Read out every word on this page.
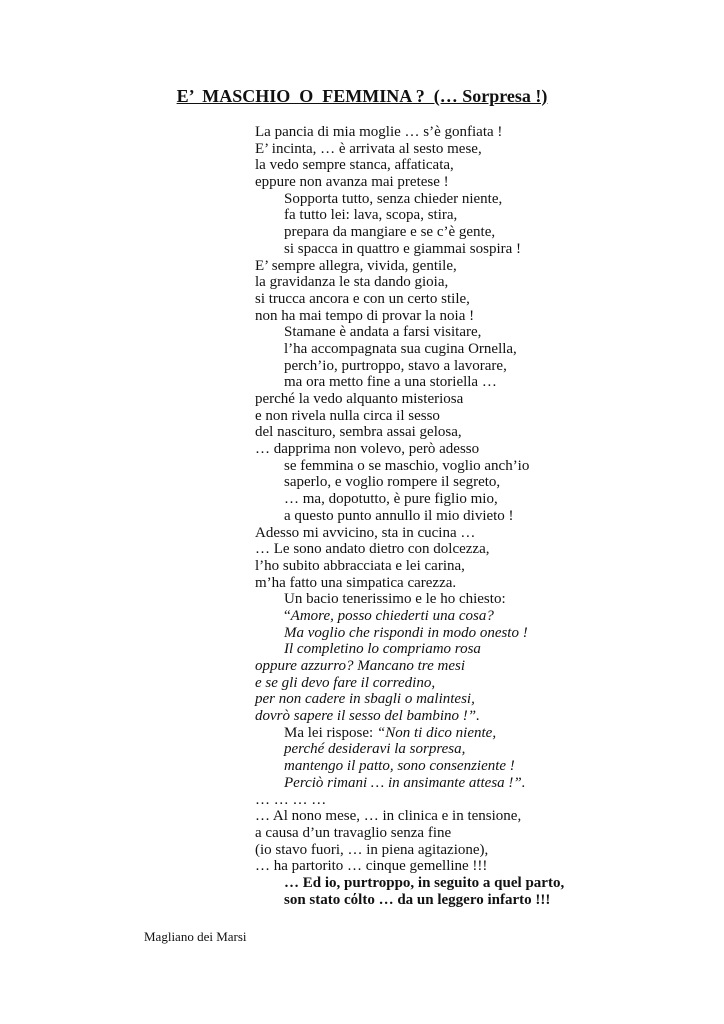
E’  MASCHIO  O  FEMMINA ?  (… Sorpresa !)
La pancia di mia moglie … s’è gonfiata !
E’ incinta, … è arrivata al sesto mese,
la vedo sempre stanca, affaticata,
eppure non avanza mai pretese !
Sopporta tutto, senza chieder niente,
fa tutto lei: lava, scopa, stira,
prepara da mangiare e se c’è gente,
si spacca in quattro e giammai sospira !
E’ sempre allegra, vivida, gentile,
la gravidanza le sta dando gioia,
si trucca ancora e con un certo stile,
non ha mai tempo di provar la noia !
Stamane è andata a farsi visitare,
l’ha accompagnata sua cugina Ornella,
perch’io, purtroppo, stavo a lavorare,
ma ora metto fine a una storiella …
perché la vedo alquanto misteriosa
e non rivela nulla circa il sesso
del nascituro, sembra assai gelosa,
… dapprima non volevo, però adesso
se femmina o se maschio, voglio anch’io
saperlo, e voglio rompere il segreto,
… ma, dopotutto, è pure figlio mio,
a questo punto annullo il mio divieto !
Adesso mi avvicino, sta in cucina …
… Le sono andato dietro con dolcezza,
l’ho subito abbracciata e lei carina,
m’ha fatto una simpatica carezza.
Un bacio tenerissimo e le ho chiesto:
“Amore, posso chiederti una cosa?
Ma voglio che rispondi in modo onesto !
Il completino lo compriamo rosa
oppure azzurro? Mancano tre mesi
e se gli devo fare il corredino,
per non cadere in sbagli o malintesi,
dovrò sapere il sesso del bambino !”.
Ma lei rispose: “Non ti dico niente,
perché desideravi la sorpresa,
mantengo il patto, sono consenziente !
Perciò rimani … in ansimante attesa !”.
… … … …
… Al nono mese, … in clinica e in tensione,
a causa d’un travaglio senza fine
(io stavo fuori, … in piena agitazione),
… ha partorito … cinque gemelline !!!
… Ed io, purtroppo, in seguito a quel parto,
son stato cόlto … da un leggero infarto !!!

Magliano dei Marsi
